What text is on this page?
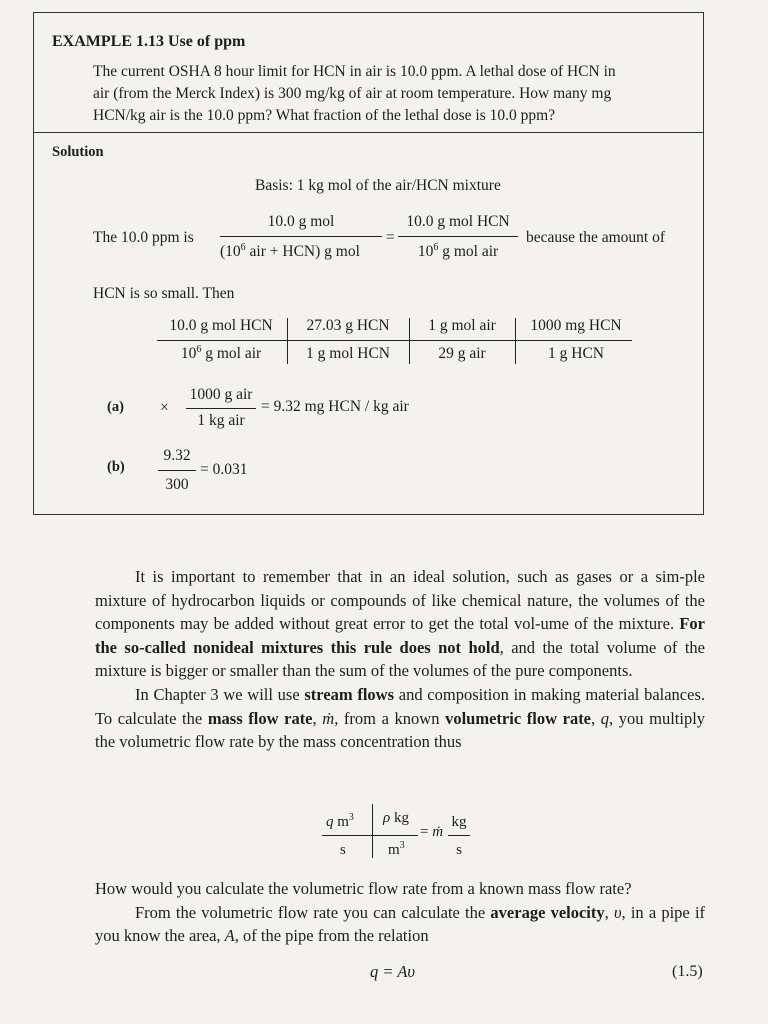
EXAMPLE 1.13 Use of ppm
The current OSHA 8 hour limit for HCN in air is 10.0 ppm. A lethal dose of HCN in
air (from the Merck Index) is 300 mg/kg of air at room temperature. How many mg
HCN/kg air is the 10.0 ppm? What fraction of the lethal dose is 10.0 ppm?
Solution
Basis: 1 kg mol of the air/HCN mixture
The 10.0 ppm is
10.0 g mol
($10^6$ air + HCN) g mol
=
10.0 g mol HCN
$10^6$ g mol air
because the amount of
HCN is so small. Then
10.0 g mol HCN
$10^6$ g mol air
27.03 g HCN
1 g mol HCN
1 g mol air
29 g air
1000 mg HCN
1 g HCN
(a) ×
1000 g air
1 kg air
= 9.32 mg HCN / kg air
(b)
9.32
300
= 0.031

It is important to remember that in an ideal solution, such as gases or a sim-ple mixture of hydrocarbon liquids or compounds of like chemical nature, the volumes of the components may be added without great error to get the total vol-ume of the mixture. For the so-called nonideal mixtures this rule does not hold, and the total volume of the mixture is bigger or smaller than the sum of the volumes of the pure components.

In Chapter 3 we will use stream flows and composition in making material balances. To calculate the mass flow rate, ṁ, from a known volumetric flow rate, q, you multiply the volumetric flow rate by the mass concentration thus

q $m^3$
s
ρ kg
$m^3$
= ṁ
kg
s

How would you calculate the volumetric flow rate from a known mass flow rate?

From the volumetric flow rate you can calculate the average velocity, υ, in a pipe if you know the area, A, of the pipe from the relation

q = Aυ	(1.5)
